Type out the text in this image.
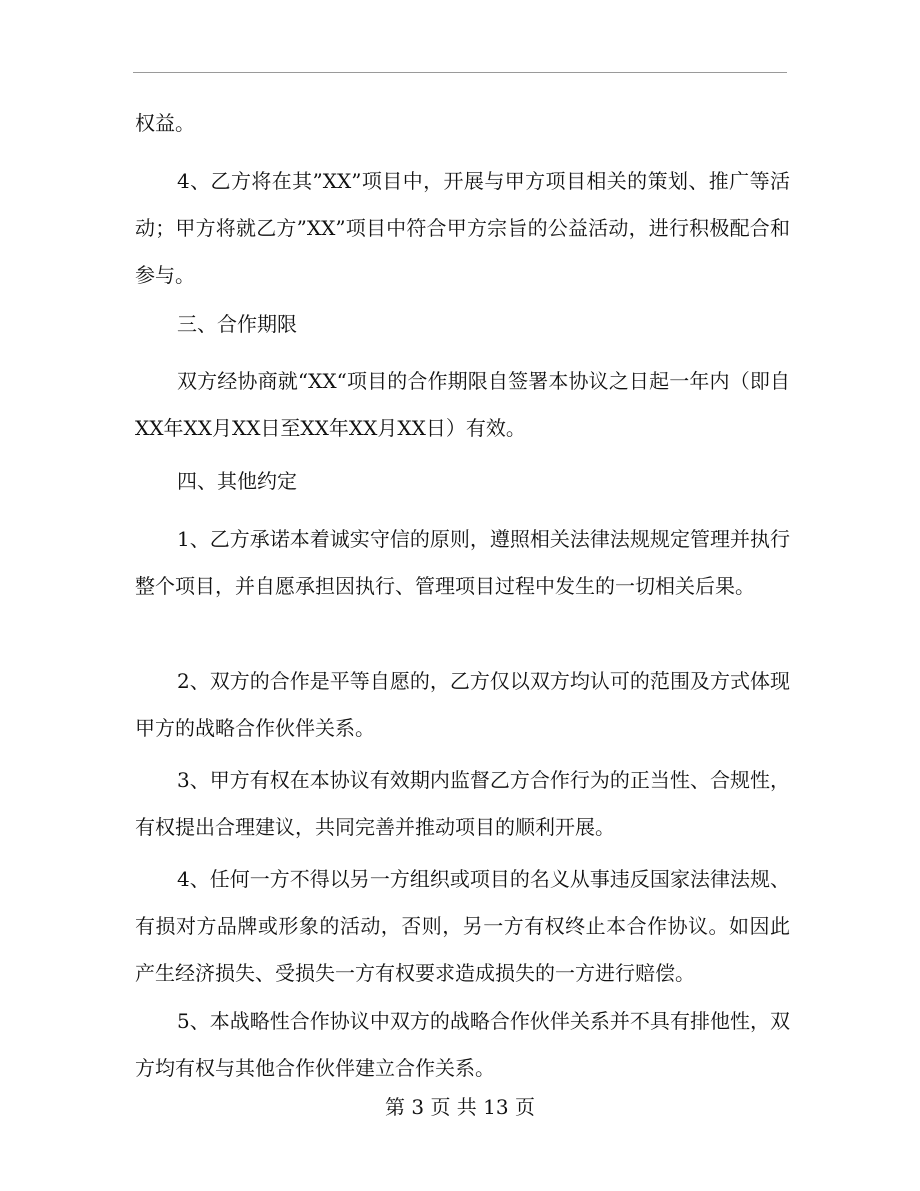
权益。

4、乙方将在其”XX”项目中，开展与甲方项目相关的策划、推广等活动；甲方将就乙方”XX”项目中符合甲方宗旨的公益活动，进行积极配合和参与。

三、合作期限

双方经协商就“XX“项目的合作期限自签署本协议之日起一年内（即自XX年XX月XX日至XX年XX月XX日）有效。

四、其他约定

1、乙方承诺本着诚实守信的原则，遵照相关法律法规规定管理并执行整个项目，并自愿承担因执行、管理项目过程中发生的一切相关后果。

2、双方的合作是平等自愿的，乙方仅以双方均认可的范围及方式体现甲方的战略合作伙伴关系。

3、甲方有权在本协议有效期内监督乙方合作行为的正当性、合规性，有权提出合理建议，共同完善并推动项目的顺利开展。

4、任何一方不得以另一方组织或项目的名义从事违反国家法律法规、有损对方品牌或形象的活动，否则，另一方有权终止本合作协议。如因此产生经济损失、受损失一方有权要求造成损失的一方进行赔偿。

5、本战略性合作协议中双方的战略合作伙伴关系并不具有排他性，双方均有权与其他合作伙伴建立合作关系。

第 3 页 共 13 页
